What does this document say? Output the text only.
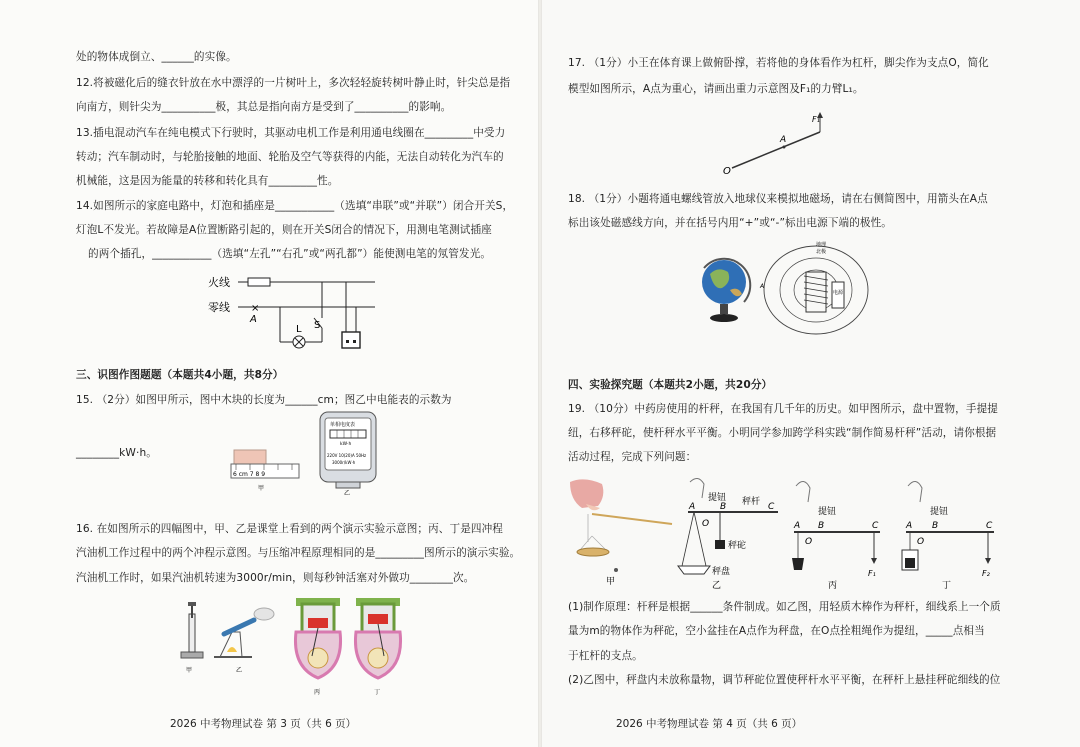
处的物体成倒立、______的实像。
12.将被磁化后的缝衣针放在水中漂浮的一片树叶上，多次轻轻旋转树叶静止时，针尖总是指
向南方，则针尖为__________极，其总是指向南方是受到了__________的影响。
13.插电混动汽车在纯电模式下行驶时，其驱动电机工作是利用通电线圈在_________中受力
转动；汽车制动时，与轮胎接触的地面、轮胎及空气等获得的内能，无法自动转化为汽车的
机械能，这是因为能量的转移和转化具有_________性。
14.如图所示的家庭电路中，灯泡和插座是___________（选填“串联”或“并联”）闭合开关S，
灯泡L不发光。若故障是A位置断路引起的，则在开关S闭合的情况下，用测电笔测试插座
的两个插孔，___________（选填“左孔”“右孔”或“两孔都”）能使测电笔的氖管发光。
火线
零线 ×
A
L S
三、识图作图题题（本题共4小题，共8分）
15. （2分）如图甲所示，图中木块的长度为______cm；图乙中电能表的示数为
________kW·h。
6 cm 7 8 9
甲
单相电度表
kW·h
220V 10(20)A 50Hz
3000r/kW·h
乙
16. 在如图所示的四幅图中，甲、乙是课堂上看到的两个演示实验示意图；丙、丁是四冲程
汽油机工作过程中的两个冲程示意图。与压缩冲程原理相同的是_________图所示的演示实验。
汽油机工作时，如果汽油机转速为3000r/min，则每秒钟活塞对外做功________次。
甲	乙
丙	丁
2026 中考物理试卷 第 3 页（共 6 页）
17. （1分）小王在体育课上做俯卧撑，若将他的身体看作为杠杆，脚尖作为支点O，简化
模型如图所示，A点为重心，请画出重力示意图及F₁的力臂L₁。
O
A
F₁
18. （1分）小题将通电螺线管放入地球仪来模拟地磁场，请在右侧简图中，用箭头在A点
标出该处磁感线方向，并在括号内用“+”或“-”标出电源下端的极性。
电源
地理
北极
A
四、实验探究题（本题共2小题，共20分）
19. （10分）中药房使用的杆秤，在我国有几千年的历史。如甲图所示，盘中置物，手提提
纽，右移秤砣，使杆秤水平平衡。小明同学参加跨学科实践“制作简易杆秤”活动，请你根据
活动过程，完成下列问题：
甲
提钮 秤杆
A
O
B	C
秤砣
秤盘
乙
提钮
A
O
B	C
F₁
丙
提钮
A
O
B	C
F₂
丁
(1)制作原理：杆秤是根据______条件制成。如乙图，用轻质木棒作为秤杆，细线系上一个质
量为m的物体作为秤砣，空小盆挂在A点作为秤盘，在O点拴粗绳作为提纽，_____点相当
于杠杆的支点。
(2)乙图中，秤盘内未放称量物，调节秤砣位置使秤杆水平平衡，在秤杆上悬挂秤砣细线的位
2026 中考物理试卷 第 4 页（共 6 页）
